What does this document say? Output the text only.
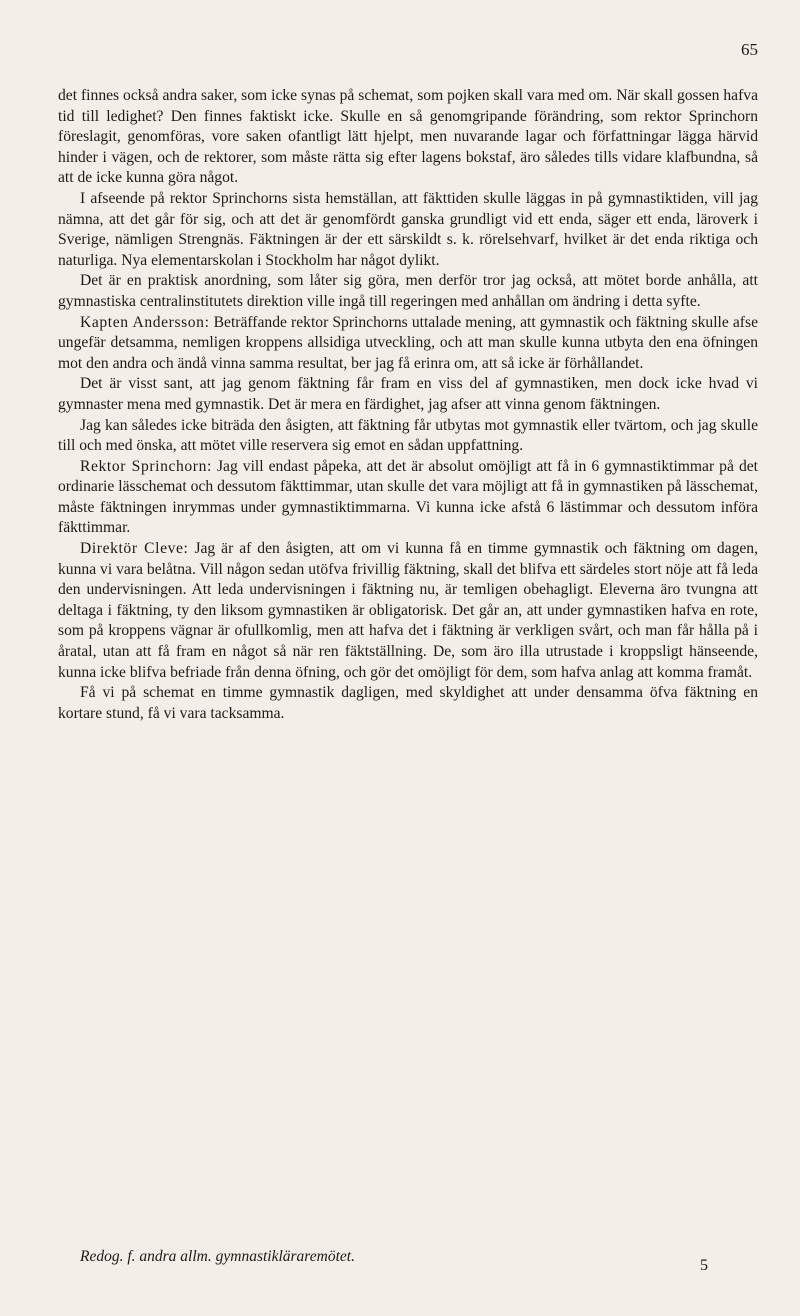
65

det finnes också andra saker, som icke synas på schemat, som pojken skall vara med om. När skall gossen hafva tid till ledighet? Den finnes faktiskt icke. Skulle en så genomgripande förändring, som rektor Sprinchorn föreslagit, genomföras, vore saken ofantligt lätt hjelpt, men nuvarande lagar och författningar lägga härvid hinder i vägen, och de rektorer, som måste rätta sig efter lagens bokstaf, äro således tills vidare klafbundna, så att de icke kunna göra något.

I afseende på rektor Sprinchorns sista hemställan, att fäkttiden skulle läggas in på gymnastiktiden, vill jag nämna, att det går för sig, och att det är genomfördt ganska grundligt vid ett enda, säger ett enda, läroverk i Sverige, nämligen Strengnäs. Fäktningen är der ett särskildt s. k. rörelsehvarf, hvilket är det enda riktiga och naturliga. Nya elementarskolan i Stockholm har något dylikt.

Det är en praktisk anordning, som låter sig göra, men derför tror jag också, att mötet borde anhålla, att gymnastiska centralinstitutets direktion ville ingå till regeringen med anhållan om ändring i detta syfte.

Kapten Andersson: Beträffande rektor Sprinchorns uttalade mening, att gymnastik och fäktning skulle afse ungefär detsamma, nemligen kroppens allsidiga utveckling, och att man skulle kunna utbyta den ena öfningen mot den andra och ändå vinna samma resultat, ber jag få erinra om, att så icke är förhållandet.

Det är visst sant, att jag genom fäktning får fram en viss del af gymnastiken, men dock icke hvad vi gymnaster mena med gymnastik. Det är mera en färdighet, jag afser att vinna genom fäktningen.

Jag kan således icke biträda den åsigten, att fäktning får utbytas mot gymnastik eller tvärtom, och jag skulle till och med önska, att mötet ville reservera sig emot en sådan uppfattning.

Rektor Sprinchorn: Jag vill endast påpeka, att det är absolut omöjligt att få in 6 gymnastiktimmar på det ordinarie lässchemat och dessutom fäkttimmar, utan skulle det vara möjligt att få in gymnastiken på lässchemat, måste fäktningen inrymmas under gymnastiktimmarna. Vi kunna icke afstå 6 lästimmar och dessutom införa fäkttimmar.

Direktör Cleve: Jag är af den åsigten, att om vi kunna få en timme gymnastik och fäktning om dagen, kunna vi vara belåtna. Vill någon sedan utöfva frivillig fäktning, skall det blifva ett särdeles stort nöje att få leda den undervisningen. Att leda undervisningen i fäktning nu, är temligen obehagligt. Eleverna äro tvungna att deltaga i fäktning, ty den liksom gymnastiken är obligatorisk. Det går an, att under gymnastiken hafva en rote, som på kroppens vägnar är ofullkomlig, men att hafva det i fäktning är verkligen svårt, och man får hålla på i åratal, utan att få fram en något så när ren fäktställning. De, som äro illa utrustade i kroppsligt hänseende, kunna icke blifva befriade från denna öfning, och gör det omöjligt för dem, som hafva anlag att komma framåt.

Få vi på schemat en timme gymnastik dagligen, med skyldighet att under densamma öfva fäktning en kortare stund, få vi vara tacksamma.

Redog. f. andra allm. gymnastikläraremötet.
5
